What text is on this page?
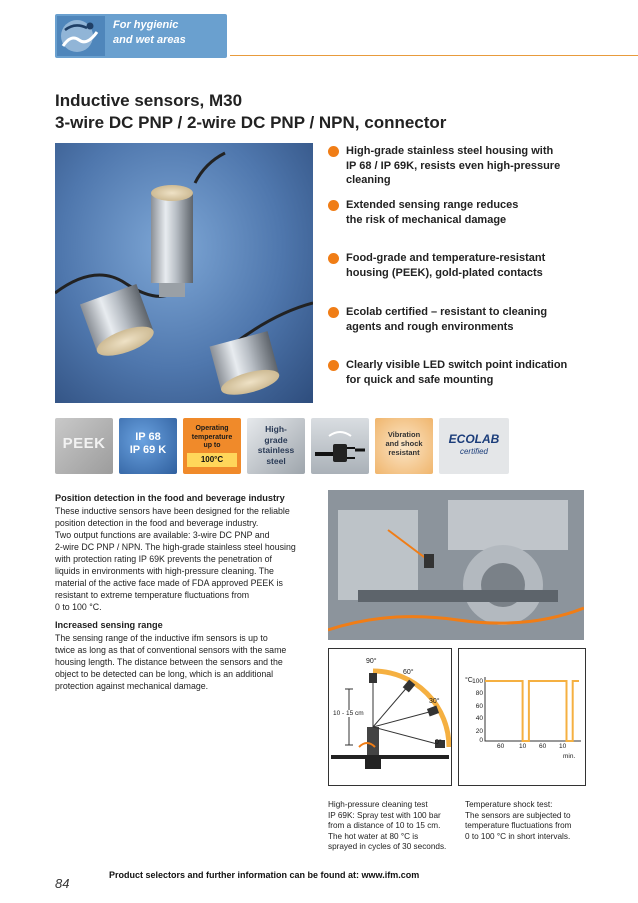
For hygienic
and wet areas
Inductive sensors, M30
3-wire DC PNP / 2-wire DC PNP / NPN, connector
High-grade stainless steel housing with
IP 68 / IP 69K, resists even high-pressure
cleaning
Extended sensing range reduces
the risk of mechanical damage
Food-grade and temperature-resistant
housing (PEEK), gold-plated contacts
Ecolab certified – resistant to cleaning
agents and rough environments
Clearly visible LED switch point indication
for quick and safe mounting
PEEK	IP 68
IP 69 K
Operating
temperature
up to
100°C
High-
grade
stainless
steel
Vibration
and shock
resistant
ECOLAB
certified
Position detection in the food and beverage industry
These inductive sensors have been designed for the reliable
position detection in the food and beverage industry.
Two output functions are available: 3-wire DC PNP and
2-wire DC PNP / NPN. The high-grade stainless steel housing
with protection rating IP 69K prevents the penetration of
liquids in environments with high-pressure cleaning. The
material of the active face made of FDA approved PEEK is
resistant to extreme temperature fluctuations from
0 to 100 °C.
Increased sensing range
The sensing range of the inductive ifm sensors is up to
twice as long as that of conventional sensors with the same
housing length. The distance between the sensors and the
object to be detected can be long, which is an additional
protection against mechanical damage.
90°
60°
30°
0°
10 - 15 cm
°C 100
80
60
40
20
0
60 10 60 10
min.
High-pressure cleaning test
IP 69K: Spray test with 100 bar
from a distance of 10 to 15 cm.
The hot water at 80 °C is
sprayed in cycles of 30 seconds.
Temperature shock test:
The sensors are subjected to
temperature fluctuations from
0 to 100 °C in short intervals.
Product selectors and further information can be found at: www.ifm.com
84
